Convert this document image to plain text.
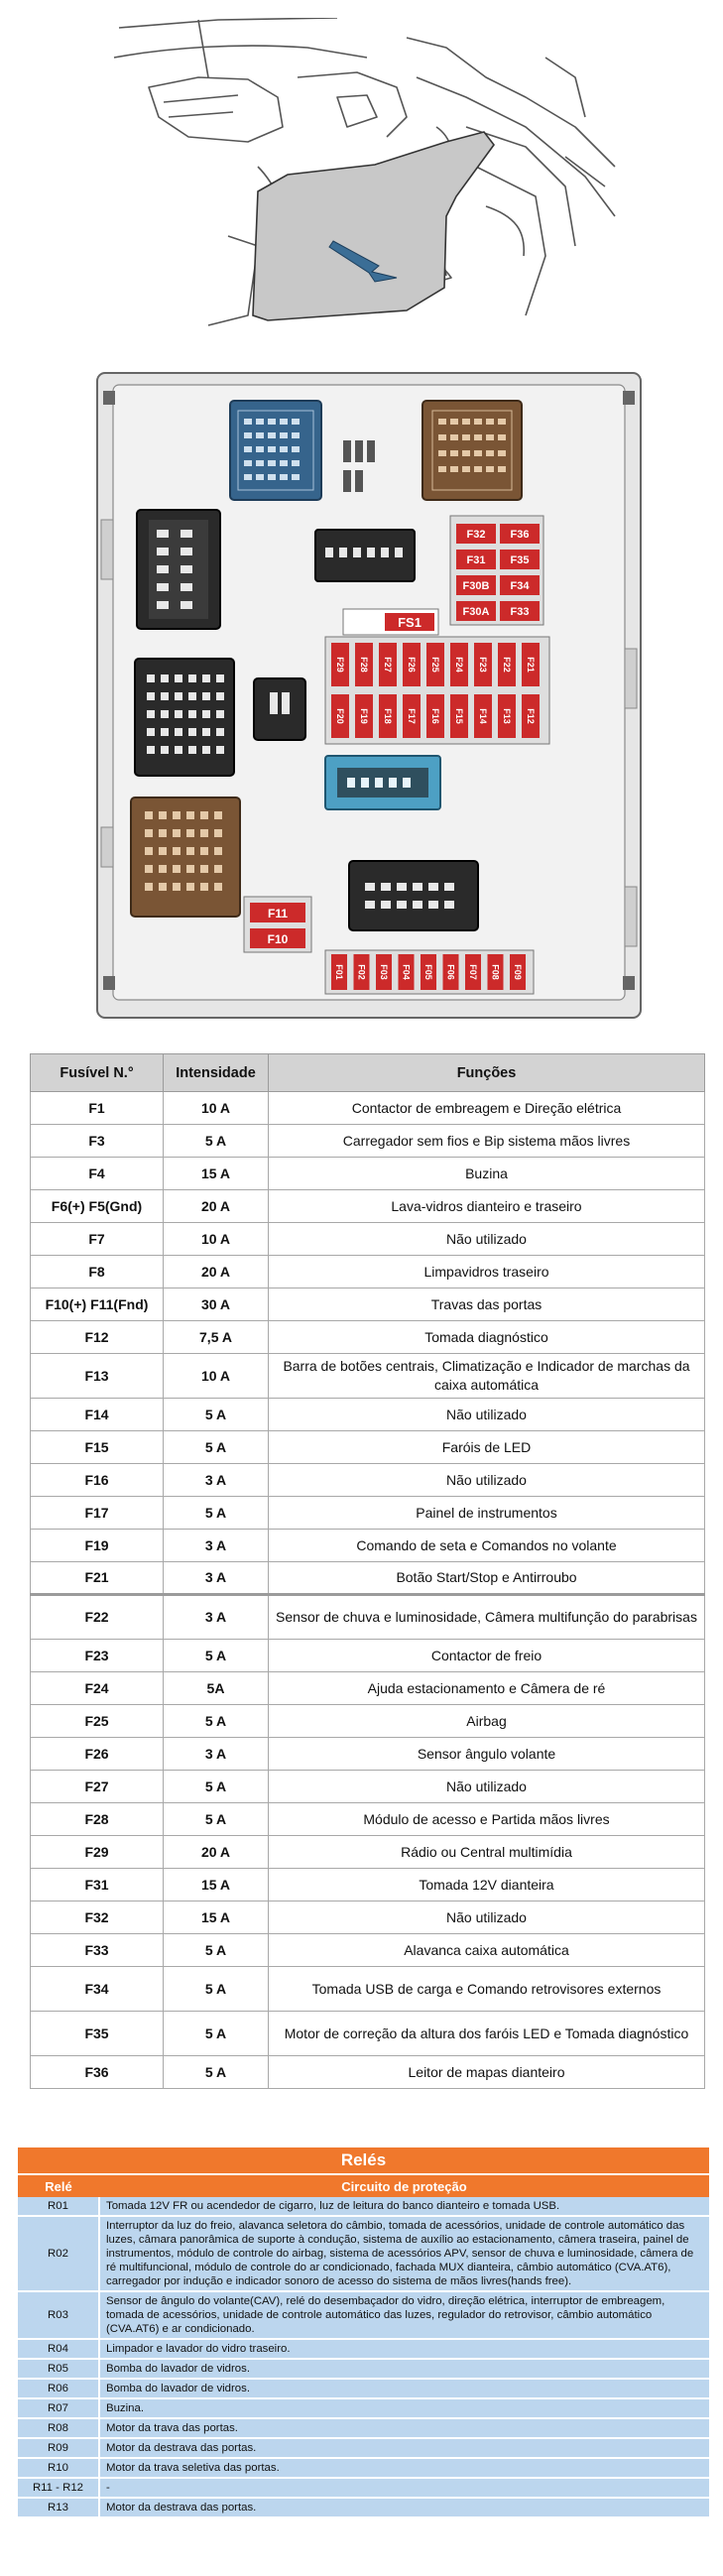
F32 F36
F31 F35
F30B F34
F30A F33
FS1
F29 F28 F27 F26 F25 F24 F23 F22 F21
F20 F19 F18 F17 F16 F15 F14 F13 F12
F11
F10
F01 F02 F03 F04 F05 F06 F07 F08 F09
Fusível N.°	Intensidade	Funções
F1	10 A	Contactor de embreagem e Direção elétrica
F3	5 A	Carregador sem fios e Bip sistema mãos livres
F4	15 A	Buzina
F6(+) F5(Gnd)	20 A	Lava-vidros dianteiro e traseiro
F7	10 A	Não utilizado
F8	20 A	Limpavidros traseiro
F10(+) F11(Fnd)	30 A	Travas das portas
F12	7,5 A	Tomada diagnóstico
F13	10 A	Barra de botões centrais, Climatização e Indicador de marchas da caixa automática
F14	5 A	Não utilizado
F15	5 A	Faróis de LED
F16	3 A	Não utilizado
F17	5 A	Painel de instrumentos
F19	3 A	Comando de seta e Comandos no volante
F21	3 A	Botão Start/Stop e Antirroubo
F22	3 A	Sensor de chuva e luminosidade, Câmera multifunção do parabrisas
F23	5 A	Contactor de freio
F24	5A	Ajuda estacionamento e Câmera de ré
F25	5 A	Airbag
F26	3 A	Sensor ângulo volante
F27	5 A	Não utilizado
F28	5 A	Módulo de acesso e Partida mãos livres
F29	20 A	Rádio ou Central multimídia
F31	15 A	Tomada 12V dianteira
F32	15 A	Não utilizado
F33	5 A	Alavanca caixa automática
F34	5 A	Tomada USB de carga e Comando retrovisores externos
F35	5 A	Motor de correção da altura dos faróis LED e Tomada diagnóstico
F36	5 A	Leitor de mapas dianteiro
Relés
Relé	Circuito de proteção
R01	Tomada 12V FR ou acendedor de cigarro, luz de leitura do banco dianteiro e tomada USB.
R02	Interruptor da luz do freio, alavanca seletora do câmbio, tomada de acessórios, unidade de controle automático das luzes, câmara panorâmica de suporte à condução, sistema de auxílio ao estacionamento, câmera traseira, painel de instrumentos, módulo de controle do airbag, sistema de acessórios APV, sensor de chuva e luminosidade, câmera de ré multifuncional, módulo de controle do ar condicionado, fachada MUX dianteira, câmbio automático (CVA.AT6), carregador por indução e indicador sonoro de acesso do sistema de mãos livres(hands free).
R03	Sensor de ângulo do volante(CAV), relé do desembaçador do vidro, direção elétrica, interruptor de embreagem, tomada de acessórios, unidade de controle automático das luzes, regulador do retrovisor, câmbio automático (CVA.AT6) e ar condicionado.
R04	Limpador e lavador do vidro traseiro.
R05	Bomba do lavador de vidros.
R06	Bomba do lavador de vidros.
R07	Buzina.
R08	Motor da trava das portas.
R09	Motor da destrava das portas.
R10	Motor da trava seletiva das portas.
R11 - R12	-
R13	Motor da destrava das portas.
